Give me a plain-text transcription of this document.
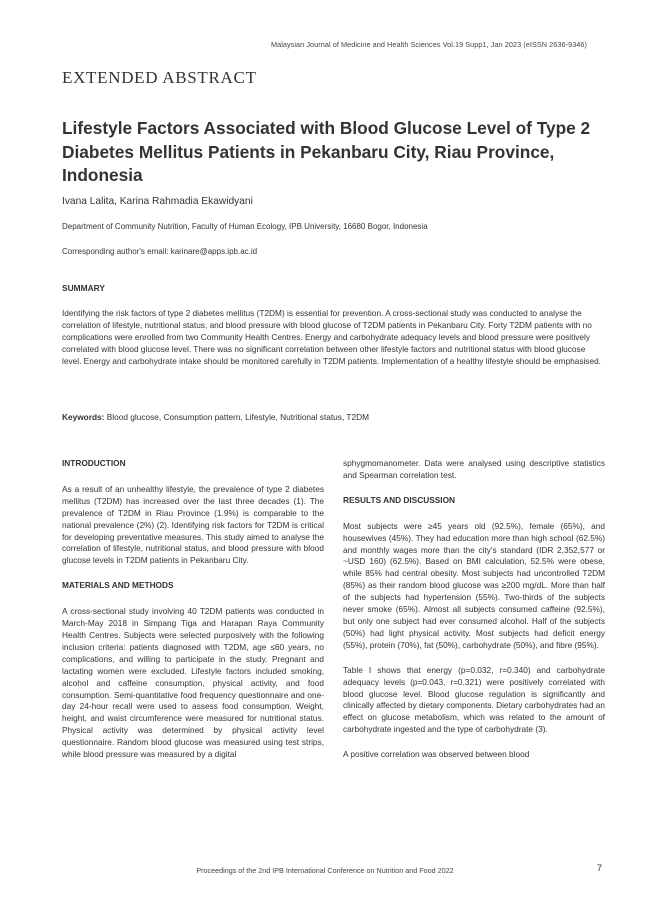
Malaysian Journal of Medicine and Health Sciences Vol.19 Supp1, Jan 2023 (eISSN 2636-9346)
EXTENDED ABSTRACT
Lifestyle Factors Associated with Blood Glucose Level of Type 2 Diabetes Mellitus Patients in Pekanbaru City, Riau Province, Indonesia
Ivana Lalita, Karina Rahmadia Ekawidyani
Department of Community Nutrition, Faculty of Human Ecology, IPB University, 16680 Bogor, Indonesia
Corresponding author's email: karinare@apps.ipb.ac.id
SUMMARY

Identifying the risk factors of type 2 diabetes mellitus (T2DM) is essential for prevention. A cross-sectional study was conducted to analyse the correlation of lifestyle, nutritional status, and blood pressure with blood glucose of T2DM patients in Pekanbaru City. Forty T2DM patients with no complications were enrolled from two Community Health Centres. Energy and carbohydrate adequacy levels and blood pressure were positively correlated with blood glucose level. There was no significant correlation between other lifestyle factors and nutritional status with blood glucose level. Energy and carbohydrate intake should be monitored carefully in T2DM patients. Implementation of a healthy lifestyle should be emphasised.

Keywords: Blood glucose, Consumption pattern, Lifestyle, Nutritional status, T2DM

INTRODUCTION

As a result of an unhealthy lifestyle, the prevalence of type 2 diabetes mellitus (T2DM) has increased over the last three decades (1). The prevalence of T2DM in Riau Province (1.9%) is comparable to the national prevalence (2%) (2). Identifying risk factors for T2DM is critical for developing preventative measures. This study aimed to analyse the correlation of lifestyle, nutritional status, and blood pressure with blood glucose levels in T2DM patients in Pekanbaru City.

MATERIALS AND METHODS

A cross-sectional study involving 40 T2DM patients was conducted in March-May 2018 in Simpang Tiga and Harapan Raya Community Health Centres. Subjects were selected purposively with the following inclusion criteria: patients diagnosed with T2DM, age ≤60 years, no complications, and willing to participate in the study. Pregnant and lactating women were excluded. Lifestyle factors included smoking, alcohol and caffeine consumption, physical activity, and food consumption. Semi-quantitative food frequency questionnaire and one-day 24-hour recall were used to assess food consumption. Weight, height, and waist circumference were measured for nutritional status. Physical activity was determined by physical activity level questionnaire. Random blood glucose was measured using test strips, while blood pressure was measured by a digital

sphygmomanometer. Data were analysed using descriptive statistics and Spearman correlation test.

RESULTS AND DISCUSSION

Most subjects were ≥45 years old (92.5%), female (65%), and housewives (45%). They had education more than high school (62.5%) and monthly wages more than the city's standard (IDR 2,352,577 or ~USD 160) (62.5%). Based on BMI calculation, 52.5% were obese, while 85% had central obesity. Most subjects had uncontrolled T2DM (85%) as their random blood glucose was ≥200 mg/dL. More than half of the subjects had hypertension (55%). Two-thirds of the subjects never smoke (65%). Almost all subjects consumed caffeine (92.5%), but only one subject had ever consumed alcohol. Half of the subjects (50%) had light physical activity. Most subjects had deficit energy (55%), protein (70%), fat (50%), carbohydrate (50%), and fibre (95%).

Table I shows that energy (p=0.032, r=0.340) and carbohydrate adequacy levels (p=0.043, r=0.321) were positively correlated with blood glucose level. Blood glucose regulation is significantly and clinically affected by dietary components. Dietary carbohydrates had an effect on glucose metabolism, which was related to the amount of carbohydrate ingested and the type of carbohydrate (3).

A positive correlation was observed between blood

Proceedings of the 2nd IPB International Conference on Nutrition and Food 2022	7
